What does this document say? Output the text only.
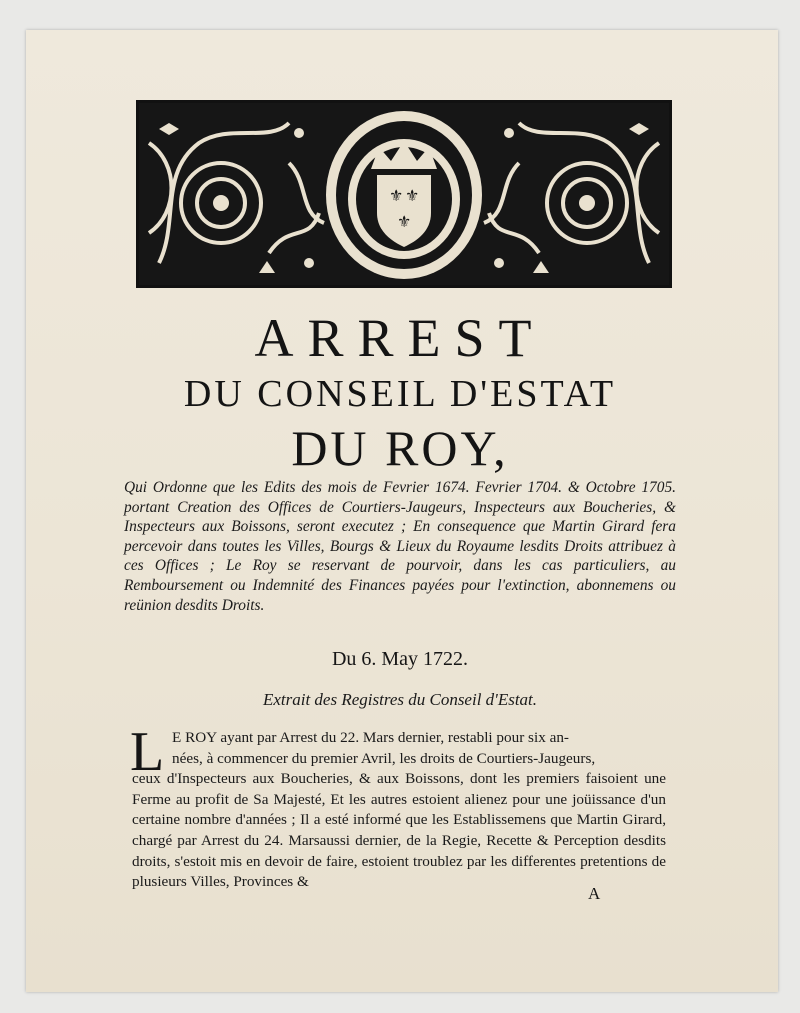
⚜ ⚜
⚜
ARREST
DU CONSEIL D'ESTAT
DU ROY,
Qui Ordonne que les Edits des mois de Fevrier 1674. Fevrier 1704. & Octobre 1705. portant Creation des Offices de Courtiers-Jaugeurs, Inspecteurs aux Boucheries, & Inspecteurs aux Boissons, seront executez ; En consequence que Martin Girard fera percevoir dans toutes les Villes, Bourgs & Lieux du Royaume lesdits Droits attribuez à ces Offices ; Le Roy se reservant de pourvoir, dans les cas particuliers, au Remboursement ou Indemnité des Finances payées pour l'extinction, abonnemens ou reünion desdits Droits.
Du 6. May 1722.
Extrait des Registres du Conseil d'Estat.
L E ROY ayant par Arrest du 22. Mars dernier, restabli pour six an-
nées, à commencer du premier Avril, les droits de Courtiers-Jaugeurs,
ceux d'Inspecteurs aux Boucheries, & aux Boissons, dont les premiers faisoient une Ferme au profit de Sa Majesté, Et les autres estoient alienez pour une joüissance d'un certaine nombre d'années ; Il a esté informé que les Establissemens que Martin Girard, chargé par Arrest du 24. Marsaussi dernier, de la Regie, Recette & Perception desdits droits, s'estoit mis en devoir de faire, estoient troublez par les differentes pretentions de plusieurs Villes, Provinces &
A
